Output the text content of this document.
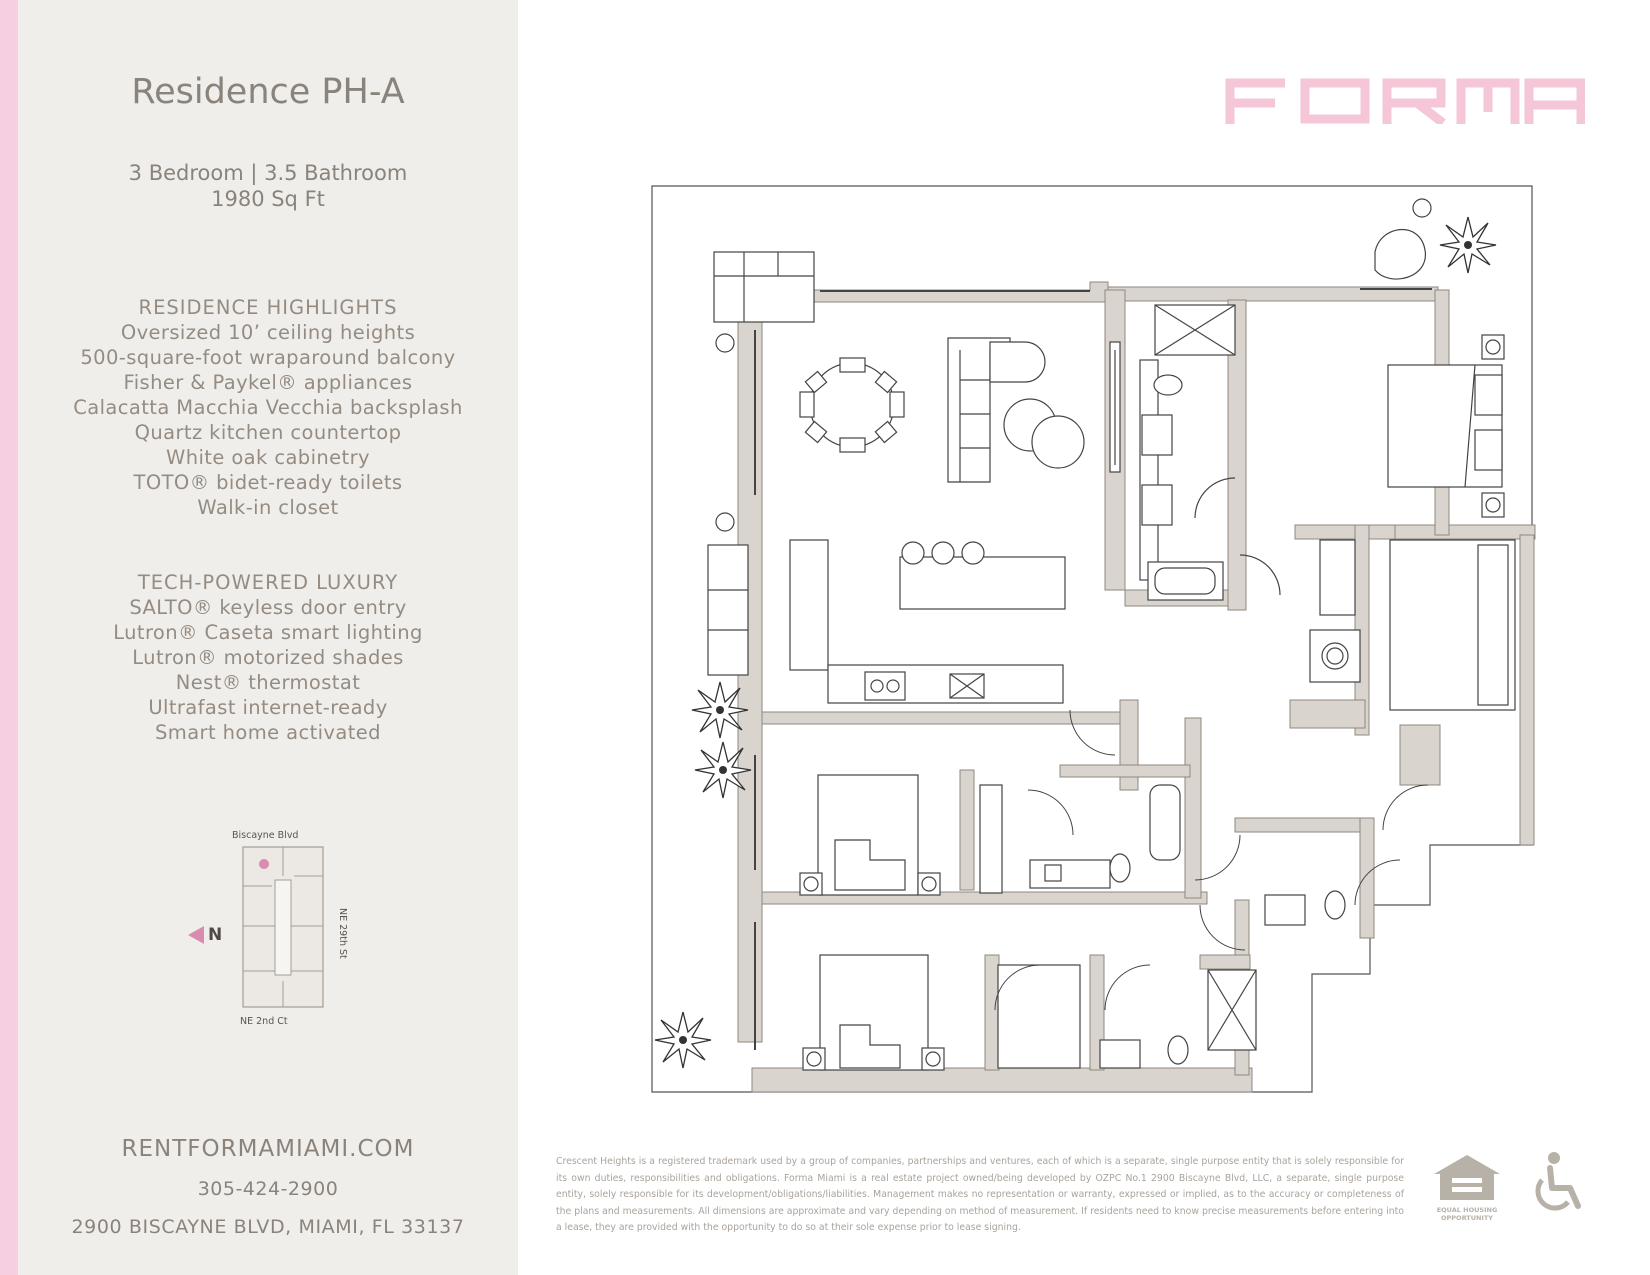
Residence PH-A
3 Bedroom | 3.5 Bathroom
1980 Sq Ft
RESIDENCE HIGHLIGHTS
Oversized 10’ ceiling heights
500-square-foot wraparound balcony
Fisher & Paykel® appliances
Calacatta Macchia Vecchia backsplash
Quartz kitchen countertop
White oak cabinetry
TOTO® bidet-ready toilets
Walk-in closet
TECH-POWERED LUXURY
SALTO® keyless door entry
Lutron® Caseta smart lighting
Lutron® motorized shades
Nest® thermostat
Ultrafast internet-ready
Smart home activated
Biscayne Blvd
NE 29th St
NE 2nd Ct
N
RENTFORMAMIAMI.COM
305-424-2900
2900 BISCAYNE BLVD, MIAMI, FL 33137
Crescent Heights is a registered trademark used by a group of companies, partnerships and ventures, each of which is a separate, single purpose entity that is solely responsible for its own duties, responsibilities and obligations. Forma Miami is a real estate project owned/being developed by OZPC No.1 2900 Biscayne Blvd, LLC, a separate, single purpose entity, solely responsible for its development/obligations/liabilities. Management makes no representation or warranty, expressed or implied, as to the accuracy or completeness of the plans and measurements. All dimensions are approximate and vary depending on method of measurement. If residents need to know precise measurements before entering into a lease, they are provided with the opportunity to do so at their sole expense prior to lease signing.
EQUAL HOUSING
OPPORTUNITY
